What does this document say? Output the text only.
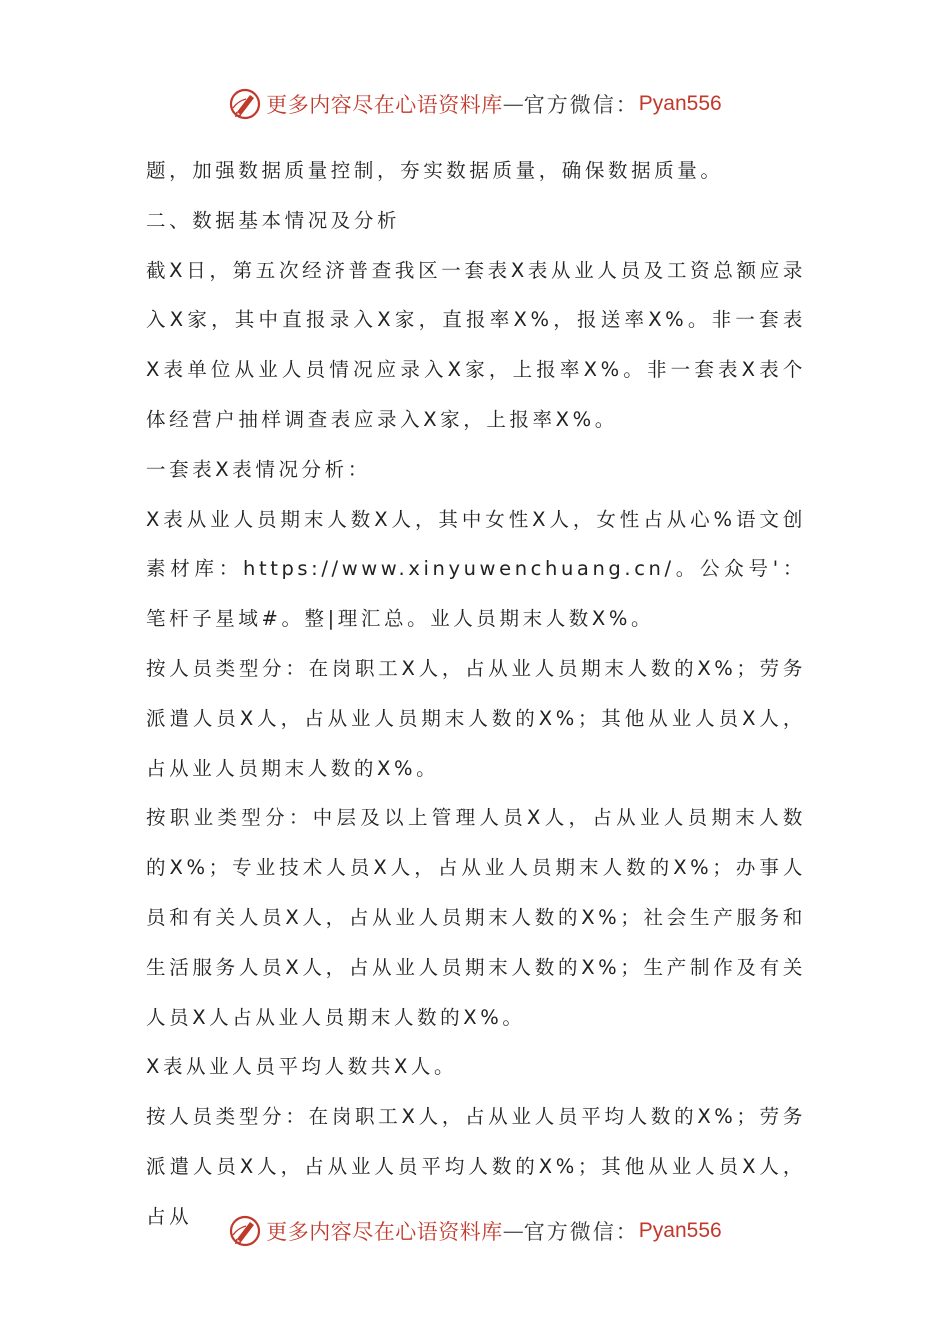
更多内容尽在心语资料库 — 官方微信： Pyan556

题，加强数据质量控制，夯实数据质量，确保数据质量。

二、数据基本情况及分析

截X日，第五次经济普查我区一套表X表从业人员及工资总额应录入X家，其中直报录入X家，直报率X%，报送率X%。非一套表X表单位从业人员情况应录入X家，上报率X%。非一套表X表个体经营户抽样调查表应录入X家，上报率X%。

一套表X表情况分析：

X表从业人员期末人数X人，其中女性X人，女性占从心%语文创素材库：https://www.xinyuwenchuang.cn/。公众号'：笔杆子星域#。整|理汇总。业人员期末人数X%。

按人员类型分：在岗职工X人，占从业人员期末人数的X%；劳务派遣人员X人，占从业人员期末人数的X%；其他从业人员X人，占从业人员期末人数的X%。

按职业类型分：中层及以上管理人员X人，占从业人员期末人数的X%；专业技术人员X人，占从业人员期末人数的X%；办事人员和有关人员X人，占从业人员期末人数的X%；社会生产服务和生活服务人员X人，占从业人员期末人数的X%；生产制作及有关人员X人占从业人员期末人数的X%。

X表从业人员平均人数共X人。

按人员类型分：在岗职工X人，占从业人员平均人数的X%；劳务派遣人员X人，占从业人员平均人数的X%；其他从业人员X人，占从

更多内容尽在心语资料库 — 官方微信： Pyan556
